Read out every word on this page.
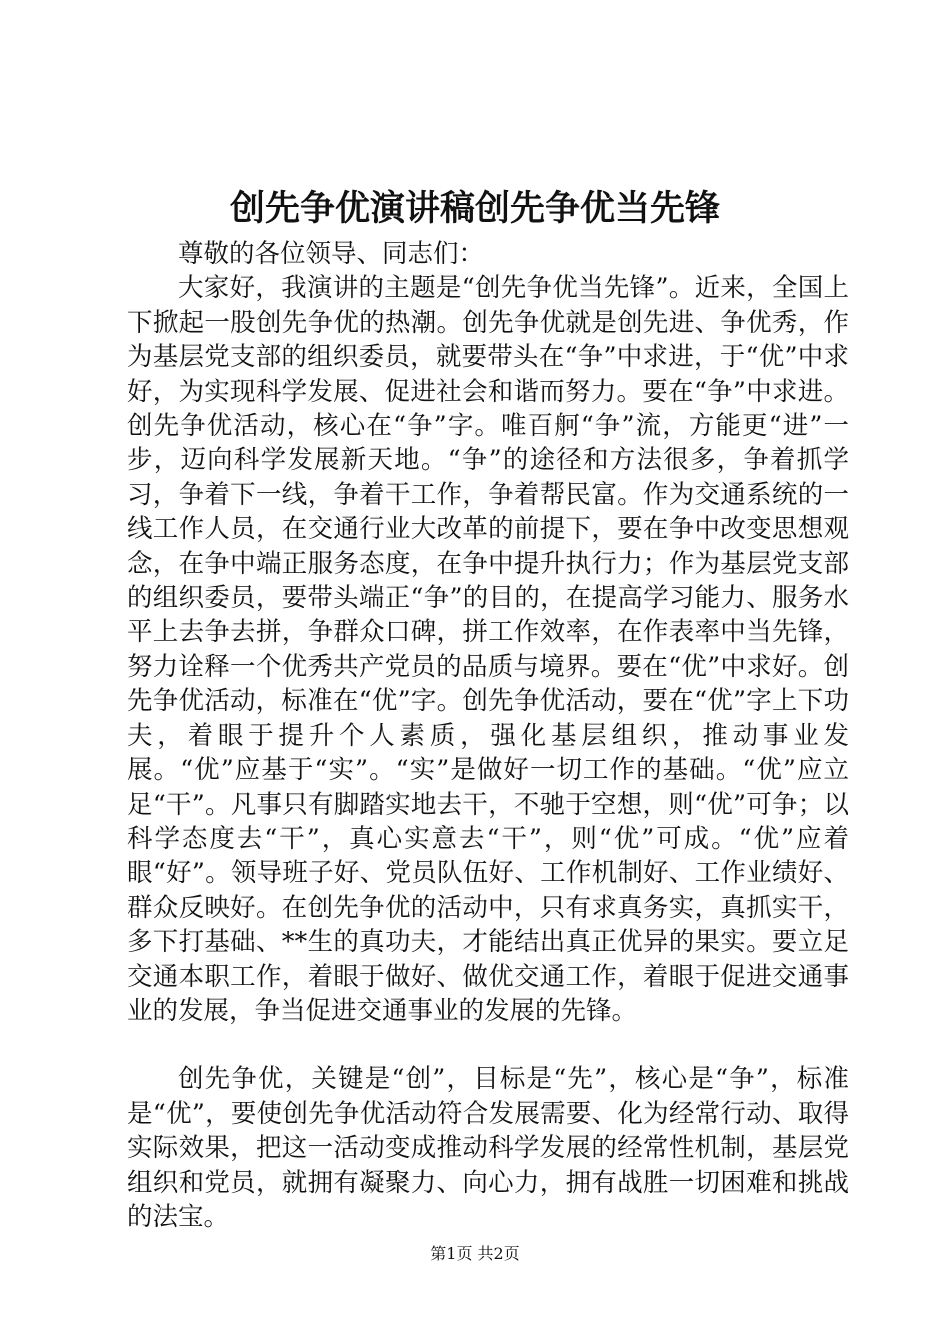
创先争优演讲稿创先争优当先锋

尊敬的各位领导、同志们：

大家好，我演讲的主题是“创先争优当先锋”。近来，全国上下掀起一股创先争优的热潮。创先争优就是创先进、争优秀，作为基层党支部的组织委员，就要带头在“争”中求进，于“优”中求好，为实现科学发展、促进社会和谐而努力。要在“争”中求进。创先争优活动，核心在“争”字。唯百舸“争”流，方能更“进”一步，迈向科学发展新天地。“争”的途径和方法很多，争着抓学习，争着下一线，争着干工作，争着帮民富。作为交通系统的一线工作人员，在交通行业大改革的前提下，要在争中改变思想观念，在争中端正服务态度，在争中提升执行力；作为基层党支部的组织委员，要带头端正“争”的目的，在提高学习能力、服务水平上去争去拼，争群众口碑，拼工作效率，在作表率中当先锋，努力诠释一个优秀共产党员的品质与境界。要在“优”中求好。创先争优活动，标准在“优”字。创先争优活动，要在“优”字上下功夫，着眼于提升个人素质，强化基层组织，推动事业发展。“优”应基于“实”。“实”是做好一切工作的基础。“优”应立足“干”。凡事只有脚踏实地去干，不驰于空想，则“优”可争；以科学态度去“干”，真心实意去“干”，则“优”可成。“优”应着眼“好”。领导班子好、党员队伍好、工作机制好、工作业绩好、群众反映好。在创先争优的活动中，只有求真务实，真抓实干，多下打基础、**生的真功夫，才能结出真正优异的果实。要立足交通本职工作，着眼于做好、做优交通工作，着眼于促进交通事业的发展，争当促进交通事业的发展的先锋。

创先争优，关键是“创”，目标是“先”，核心是“争”，标准是“优”，要使创先争优活动符合发展需要、化为经常行动、取得实际效果，把这一活动变成推动科学发展的经常性机制，基层党组织和党员，就拥有凝聚力、向心力，拥有战胜一切困难和挑战的法宝。

第1页 共2页
